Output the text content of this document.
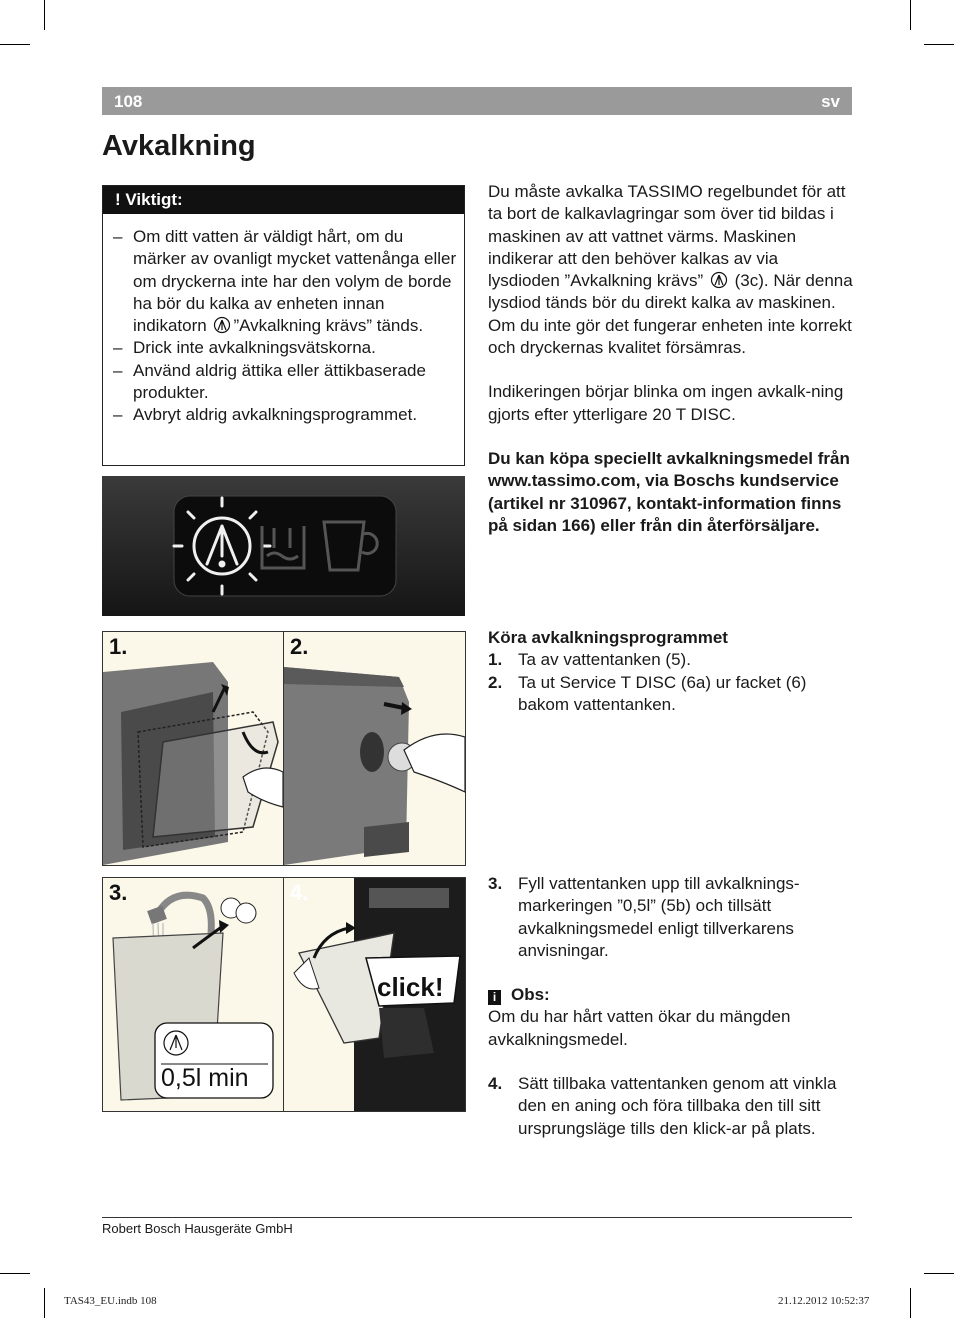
108	sv
Avkalkning
! Viktigt:
– Om ditt vatten är väldigt hårt, om du märker av ovanligt mycket vattenånga eller om dryckerna inte har den volym de borde ha bör du kalka av enheten innan indikatorn ”Avkalkning krävs” tänds.
– Drick inte avkalkningsvätskorna.
– Använd aldrig ättika eller ättikbaserade produkter.
– Avbryt aldrig avkalkningsprogrammet.
1.	2.
3.
0,5l min
4.
click!

Du måste avkalka TASSIMO regelbundet för att ta bort de kalkavlagringar som över tid bildas i maskinen av att vattnet värms. Maskinen indikerar att den behöver kalkas av via lysdioden ”Avkalkning krävs” (3c). När denna lysdiod tänds bör du direkt kalka av maskinen. Om du inte gör det fungerar enheten inte korrekt och dryckernas kvalitet försämras.

Indikeringen börjar blinka om ingen avkalk-ning gjorts efter ytterligare 20 T DISC.

Du kan köpa speciellt avkalkningsmedel från www.tassimo.com, via Boschs kundservice (artikel nr 310967, kontakt-information finns på sidan 166) eller från din återförsäljare.

Köra avkalkningsprogrammet

1. Ta av vattentanken (5).
2. Ta ut Service T DISC (6a) ur facket (6) bakom vattentanken.
3. Fyll vattentanken upp till avkalknings-markeringen ”0,5l” (5b) och tillsätt avkalkningsmedel enligt tillverkarens anvisningar.

i Obs:

Om du har hårt vatten ökar du mängden avkalkningsmedel.

4. Sätt tillbaka vattentanken genom att vinkla den en aning och föra tillbaka den till sitt ursprungsläge tills den klick-ar på plats.
Robert Bosch Hausgeräte GmbH
TAS43_EU.indb 108	21.12.2012 10:52:37
